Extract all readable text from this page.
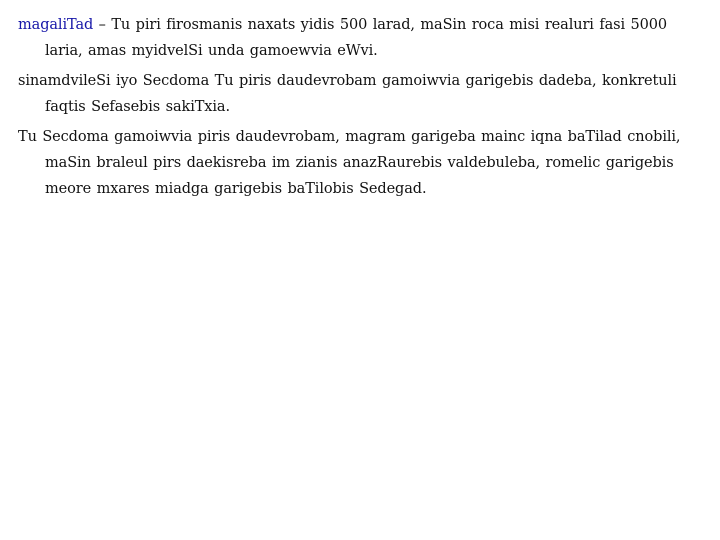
magaliTad – Tu piri firosmanis naxats yidis 500 larad, maSin roca misi realuri fasi 5000 laria, amas myidvelSi unda gamoewvia eWvi.

sinamdvileSi iyo Secdoma Tu piris daudevrobam gamoiwvia garigebis dadeba, konkretuli faqtis Sefasebis sakiTxia.

Tu Secdoma gamoiwvia piris daudevrobam, magram garigeba mainc iqna baTilad cnobili, maSin braleul pirs daekisreba im zianis anazRaurebis valdebuleba, romelic garigebis meore mxares miadga garigebis baTilobis Sedegad.
